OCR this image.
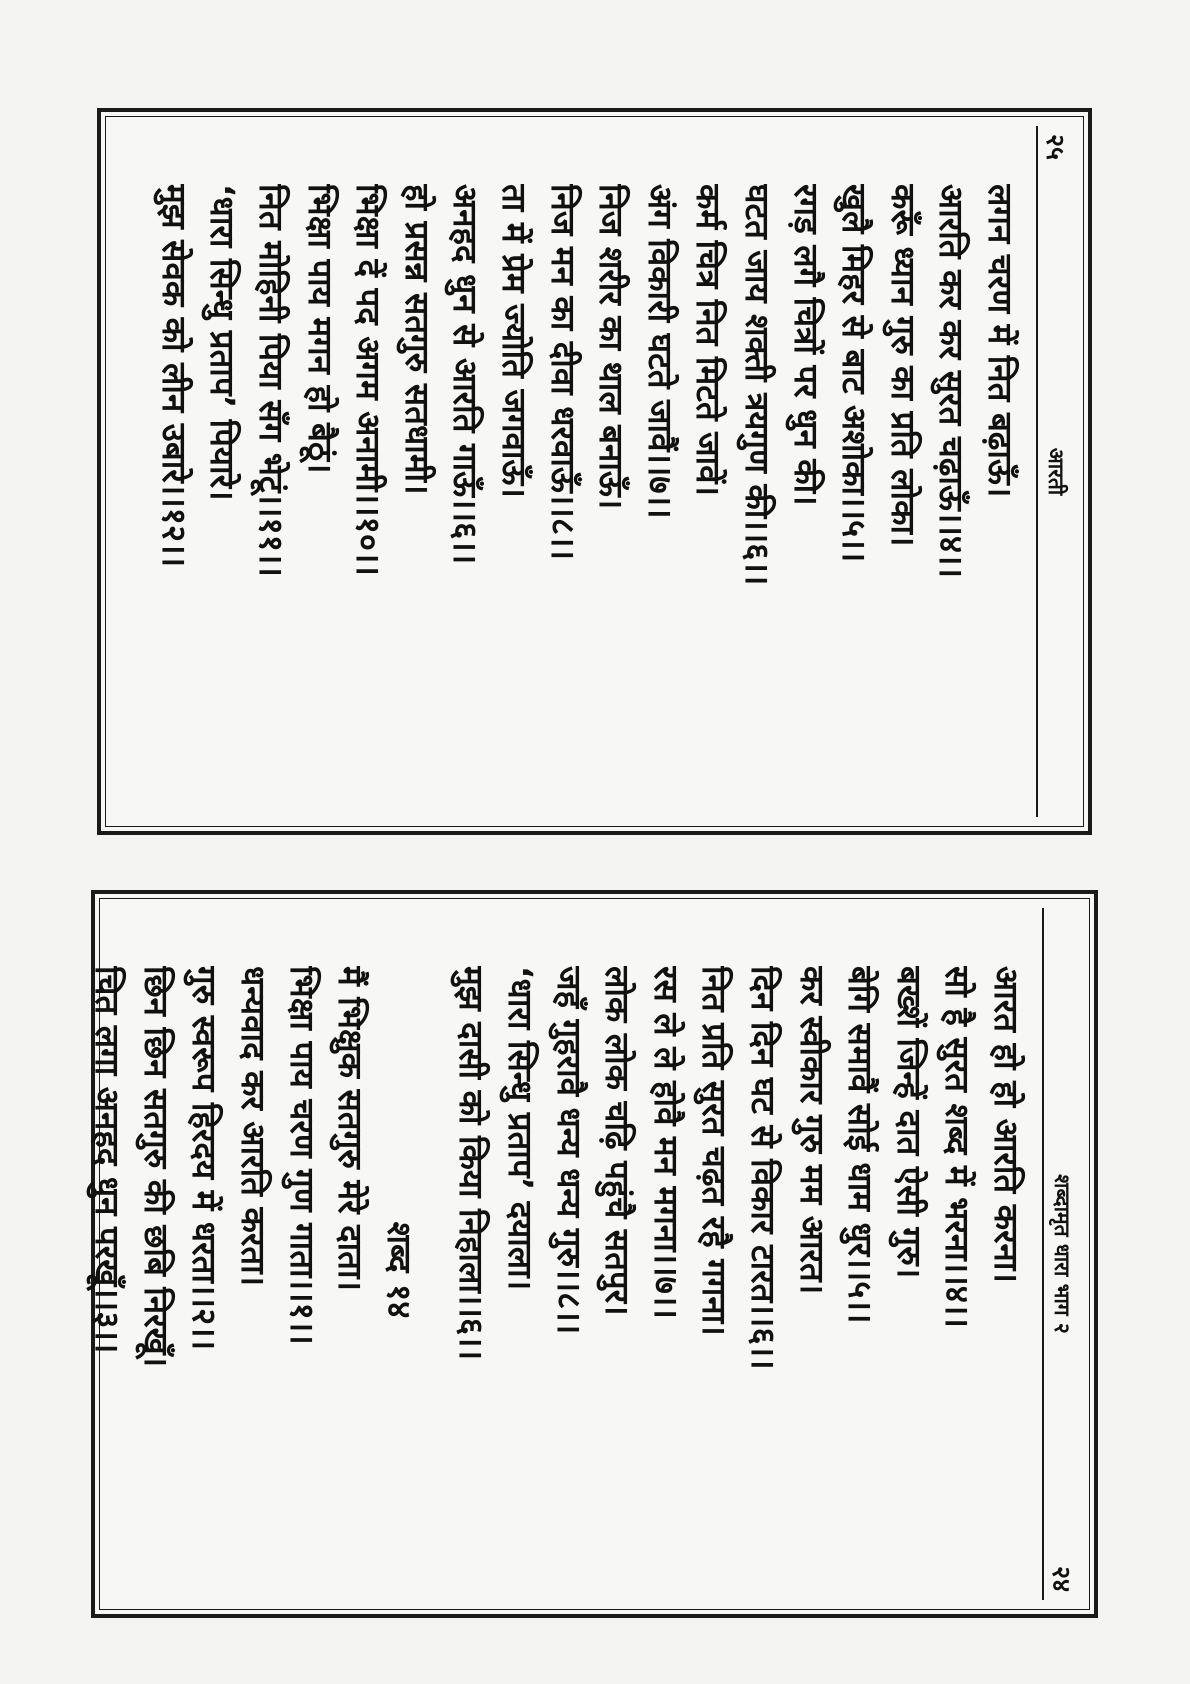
आरती
२५
लगन चरण में नित बढ़ाऊँ।
आरति कर कर सुरत चढ़ाऊँ।।४।।
करूँ ध्यान गुरु का प्रति लोका।
खुलै मिहर से बाट अशोका।।५।।
रगड़ लगै चित्रों पर धुन की।
घटत जाय शक्ती त्रयगुण की।।६।।
कर्म चित्र नित मिटते जावें।
अंग विकारी घटते जावैं।।७।।
निज शरीर का थाल बनाऊँ।
निज मन का दीवा धरवाऊँ।।८।।
ता में प्रेम ज्योति जगवाऊँ।
अनहद धुन से आरति गाऊँ।।६।।
हो प्रसन्न सतगुरु सतधामी।
भिक्षा दें पद अगम अनामी।।१०।।
भिक्षा पाय मगन हो बैठूं।
नित मोहिनी पिया सँग भेटूं।।११।।
‘धारा सिन्धु प्रताप’ पियारे।
मुझ सेवक को लीन उबारे।।१२।।
२४
शब्दामृत धारा भाग २
आरत हो हो आरति करना।
सो है सुरत शब्द में भरना।।४।।
बख्शें जिन्हें दात ऐसी गुरु।
बेगि समावैं सोई धाम धुर।।५।।
कर स्वीकार गुरु मम आरत।
दिन दिन घट से विकार टारत।।६।।
नित प्रति सुरत चढ़त रहै गगना।
रस ले ले होवै मन मगना।।७।।
लोक लोक चढ़ि पहुंचै सतपुर।
जहँ गुहरावै धन्य धन्य गुरु।।८।।
‘धारा सिन्धु प्रताप’ दयाला।
मुझ दासी को किया निहाला।।६।।
शब्द १४
मैं भिक्षुक सतगुरु मेरे दाता।
भिक्षा पाय चरण गुण गाता।।१।।
धन्यवाद कर आरति करता।
गुरु स्वरूप हिरदय में धरता।।२।।
छिन छिन सतगुरु की छबि निरखूँ।
चित लगा अनहद धुन परखूँ।।३।।
